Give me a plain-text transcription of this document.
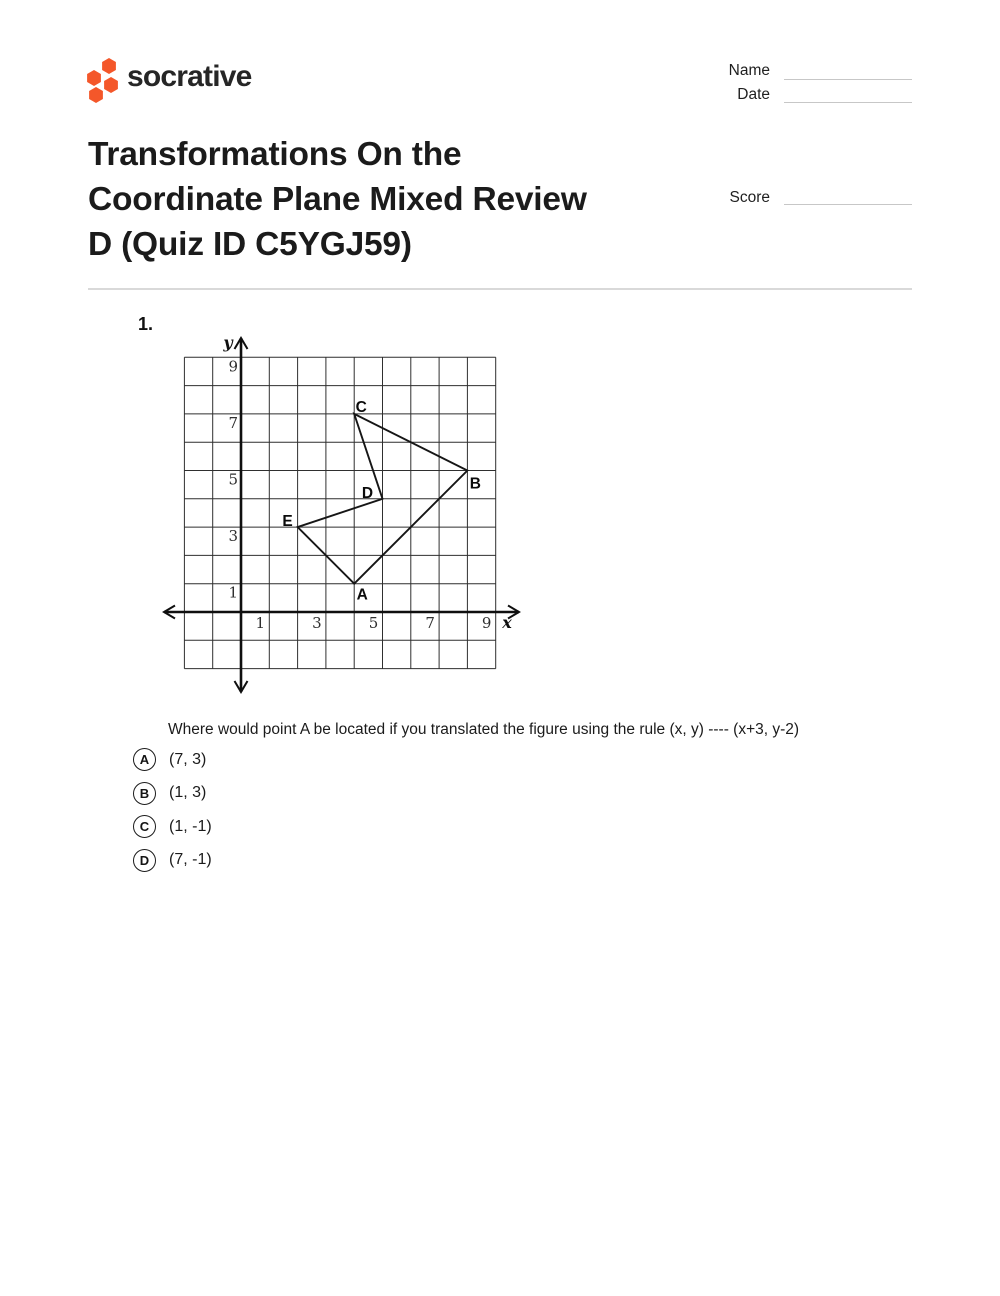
socrative	Name
Date
Score
Transformations On the
Coordinate Plane Mixed Review
D (Quiz ID C5YGJ59)
1.
1	3	5	7	9
9
7
5
3
1
y
x
A
B
C
D
E
Where would point A be located if you translated the figure using the rule (x, y) ---- (x+3, y-2)
A	(7, 3)
B	(1, 3)
C	(1, -1)
D	(7, -1)
